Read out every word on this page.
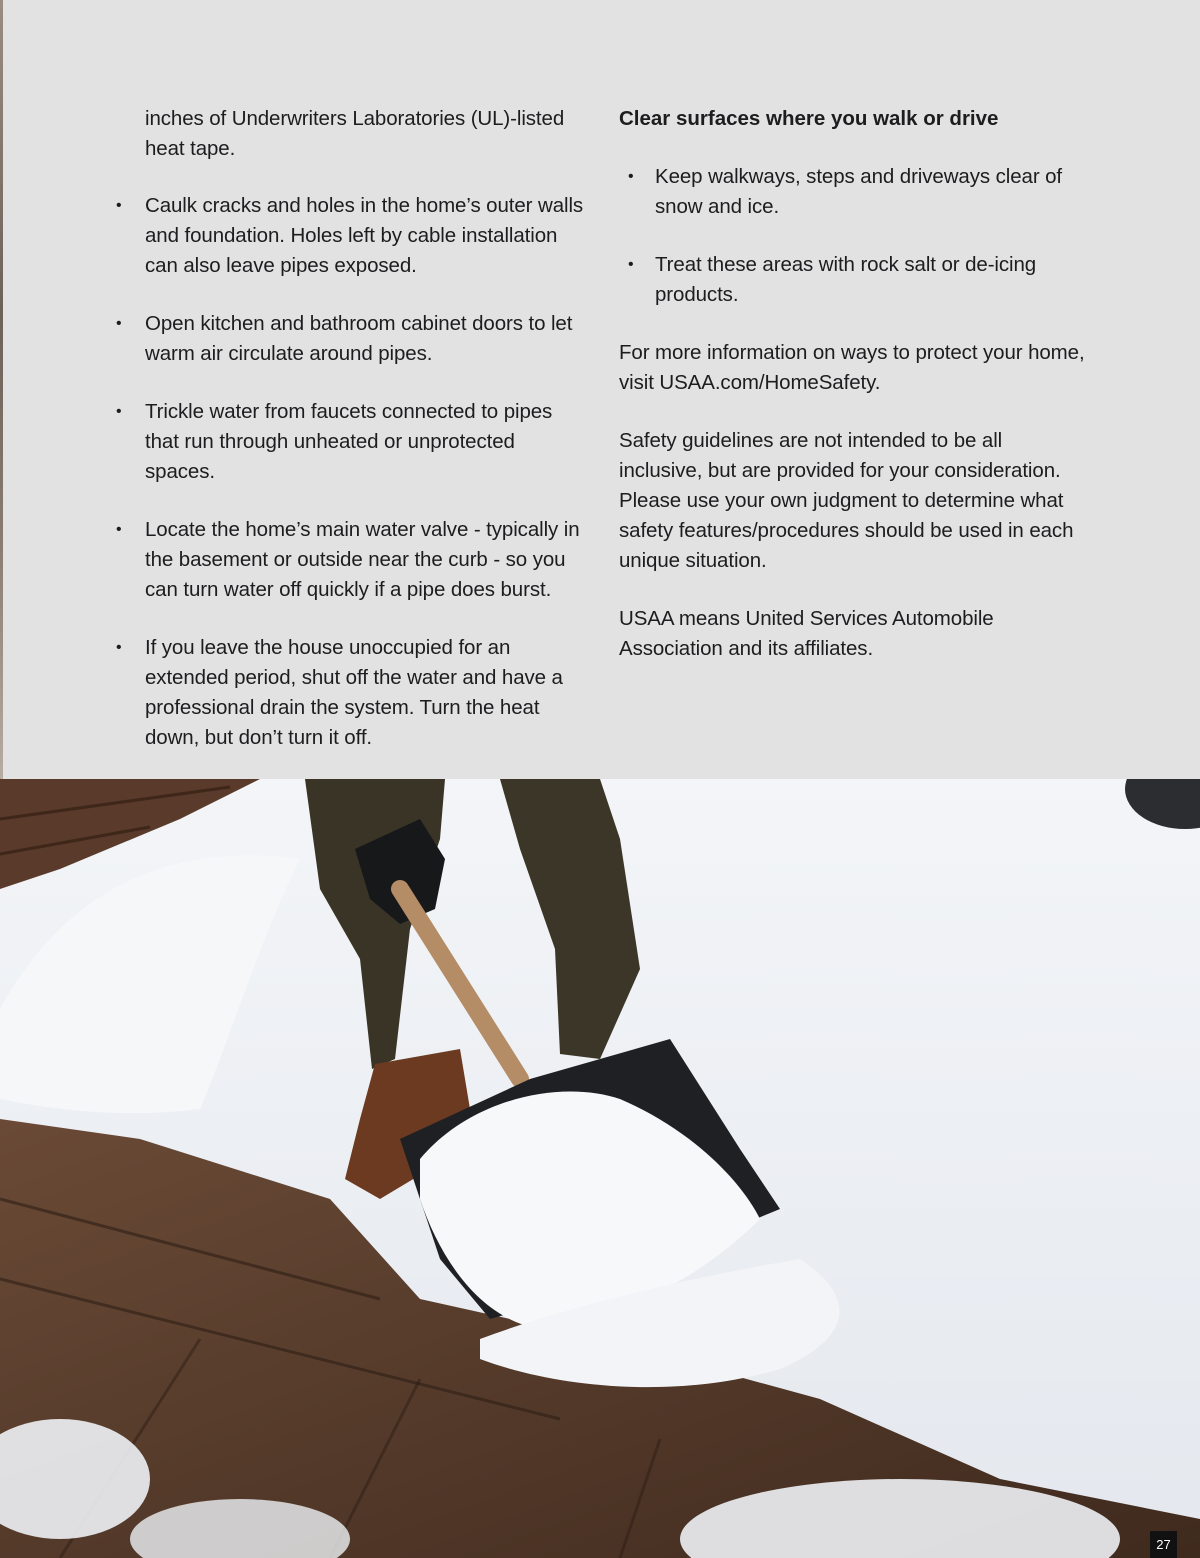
inches of Underwriters Laboratories (UL)-listed heat tape.

• Caulk cracks and holes in the home’s outer walls and foundation. Holes left by cable installation can also leave pipes exposed.
• Open kitchen and bathroom cabinet doors to let warm air circulate around pipes.
• Trickle water from faucets connected to pipes that run through unheated or unprotected spaces.
• Locate the home’s main water valve - typically in the basement or outside near the curb - so you can turn water off quickly if a pipe does burst.
• If you leave the house unoccupied for an extended period, shut off the water and have a professional drain the system. Turn the heat down, but don’t turn it off.
Clear surfaces where you walk or drive
• Keep walkways, steps and driveways clear of snow and ice.
• Treat these areas with rock salt or de-icing products.

For more information on ways to protect your home, visit USAA.com/HomeSafety.

Safety guidelines are not intended to be all inclusive, but are provided for your consideration. Please use your own judgment to determine what safety features/procedures should be used in each unique situation.

USAA means United Services Automobile Association and its affiliates.

27
